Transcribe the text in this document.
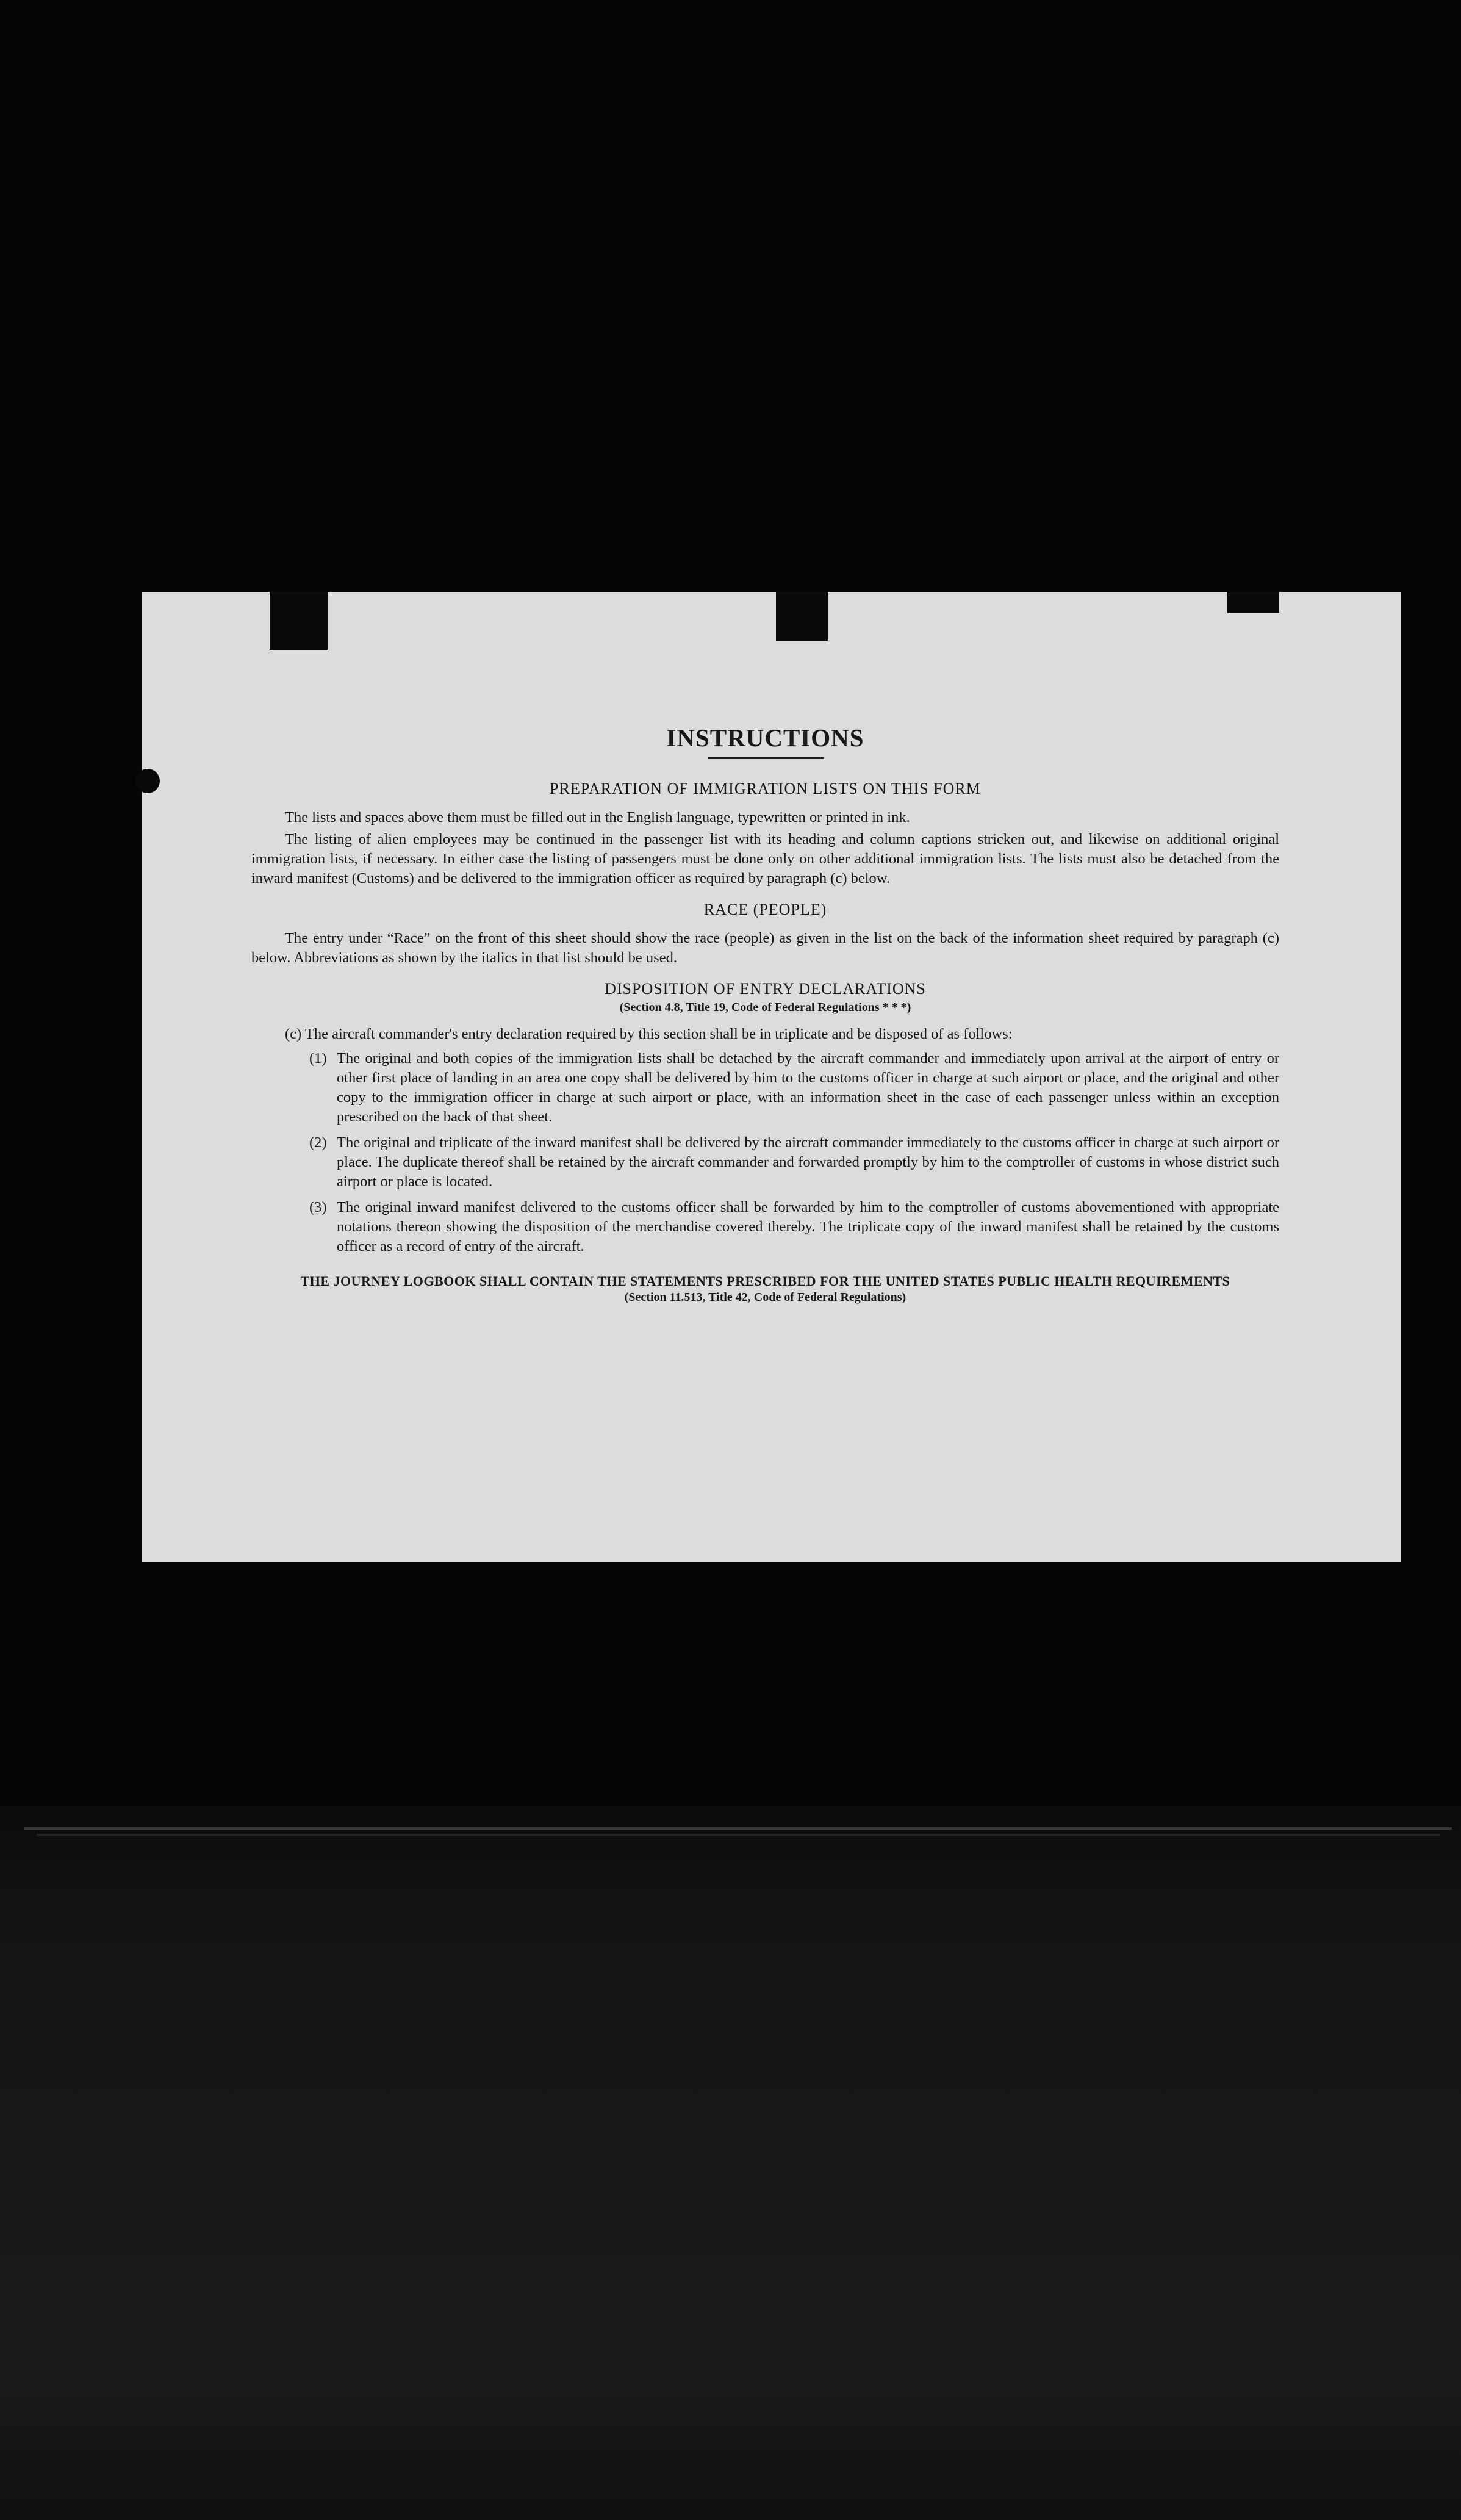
INSTRUCTIONS

PREPARATION OF IMMIGRATION LISTS ON THIS FORM

The lists and spaces above them must be filled out in the English language, typewritten or printed in ink.

The listing of alien employees may be continued in the passenger list with its heading and column captions stricken out, and likewise on additional original immigration lists, if necessary. In either case the listing of passengers must be done only on other additional immigration lists. The lists must also be detached from the inward manifest (Customs) and be delivered to the immigration officer as required by paragraph (c) below.

RACE (PEOPLE)

The entry under “Race” on the front of this sheet should show the race (people) as given in the list on the back of the information sheet required by paragraph (c) below. Abbreviations as shown by the italics in that list should be used.

DISPOSITION OF ENTRY DECLARATIONS

(Section 4.8, Title 19, Code of Federal Regulations * * *)

(c) The aircraft commander's entry declaration required by this section shall be in triplicate and be disposed of as follows:

(1) The original and both copies of the immigration lists shall be detached by the aircraft commander and immediately upon arrival at the airport of entry or other first place of landing in an area one copy shall be delivered by him to the customs officer in charge at such airport or place, and the original and other copy to the immigration officer in charge at such airport or place, with an information sheet in the case of each passenger unless within an exception prescribed on the back of that sheet.
(2) The original and triplicate of the inward manifest shall be delivered by the aircraft commander immediately to the customs officer in charge at such airport or place. The duplicate thereof shall be retained by the aircraft commander and forwarded promptly by him to the comptroller of customs in whose district such airport or place is located.
(3) The original inward manifest delivered to the customs officer shall be forwarded by him to the comptroller of customs abovementioned with appropriate notations thereon showing the disposition of the merchandise covered thereby. The triplicate copy of the inward manifest shall be retained by the customs officer as a record of entry of the aircraft.

THE JOURNEY LOGBOOK SHALL CONTAIN THE STATEMENTS PRESCRIBED FOR THE UNITED STATES PUBLIC HEALTH REQUIREMENTS

(Section 11.513, Title 42, Code of Federal Regulations)
